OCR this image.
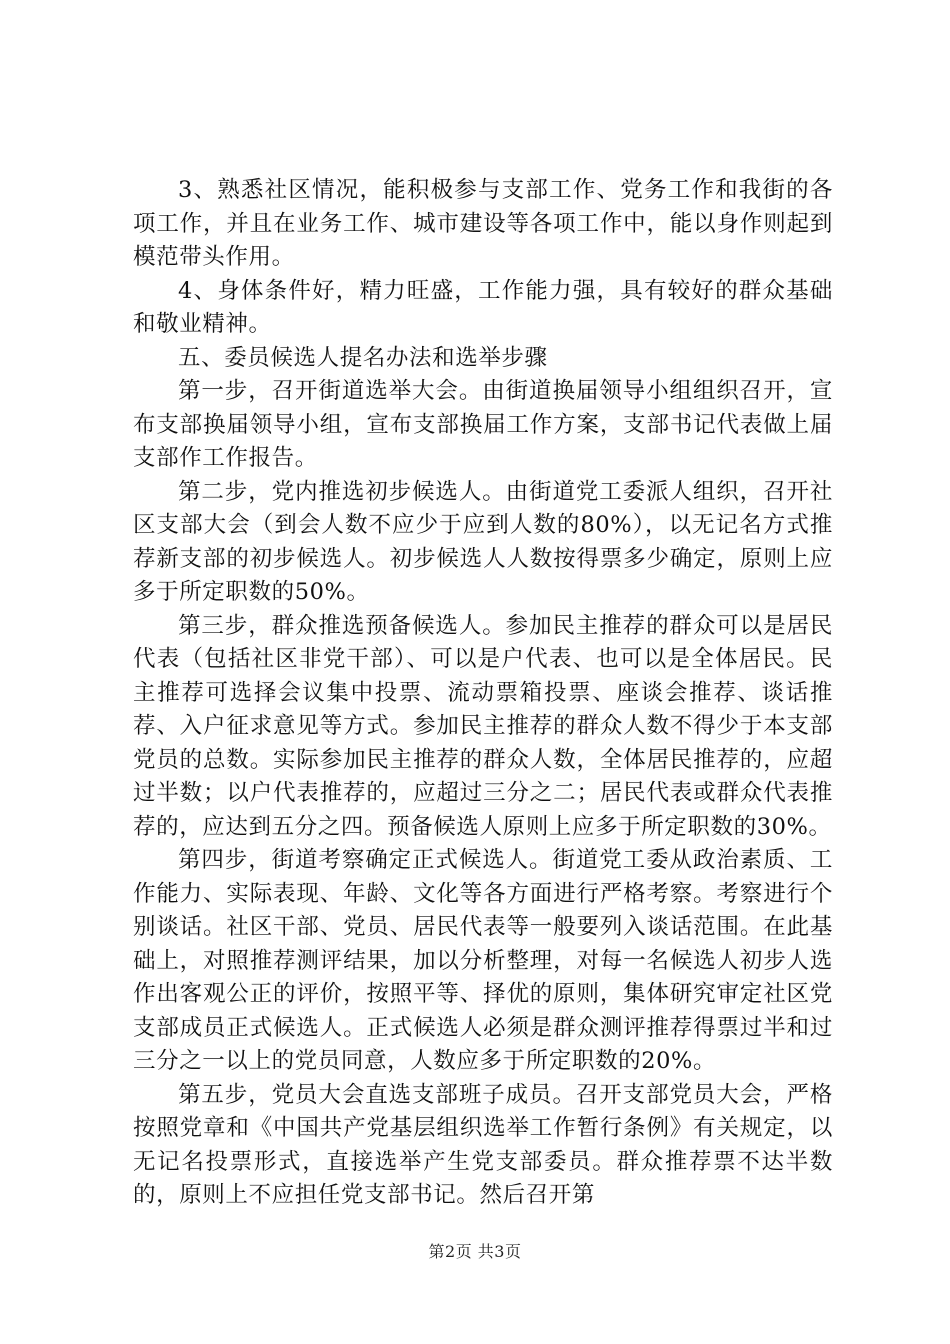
3、熟悉社区情况，能积极参与支部工作、党务工作和我街的各项工作，并且在业务工作、城市建设等各项工作中，能以身作则起到模范带头作用。

4、身体条件好，精力旺盛，工作能力强，具有较好的群众基础和敬业精神。

五、委员候选人提名办法和选举步骤

第一步，召开街道选举大会。由街道换届领导小组组织召开，宣布支部换届领导小组，宣布支部换届工作方案，支部书记代表做上届支部作工作报告。

第二步，党内推选初步候选人。由街道党工委派人组织，召开社区支部大会（到会人数不应少于应到人数的80%），以无记名方式推荐新支部的初步候选人。初步候选人人数按得票多少确定，原则上应多于所定职数的50%。

第三步，群众推选预备候选人。参加民主推荐的群众可以是居民代表（包括社区非党干部）、可以是户代表、也可以是全体居民。民主推荐可选择会议集中投票、流动票箱投票、座谈会推荐、谈话推荐、入户征求意见等方式。参加民主推荐的群众人数不得少于本支部党员的总数。实际参加民主推荐的群众人数，全体居民推荐的，应超过半数；以户代表推荐的，应超过三分之二；居民代表或群众代表推荐的，应达到五分之四。预备候选人原则上应多于所定职数的30%。

第四步，街道考察确定正式候选人。街道党工委从政治素质、工作能力、实际表现、年龄、文化等各方面进行严格考察。考察进行个别谈话。社区干部、党员、居民代表等一般要列入谈话范围。在此基础上，对照推荐测评结果，加以分析整理，对每一名候选人初步人选作出客观公正的评价，按照平等、择优的原则，集体研究审定社区党支部成员正式候选人。正式候选人必须是群众测评推荐得票过半和过三分之一以上的党员同意，人数应多于所定职数的20%。

第五步，党员大会直选支部班子成员。召开支部党员大会，严格按照党章和《中国共产党基层组织选举工作暂行条例》有关规定，以无记名投票形式，直接选举产生党支部委员。群众推荐票不达半数的，原则上不应担任党支部书记。然后召开第

第2页 共3页
